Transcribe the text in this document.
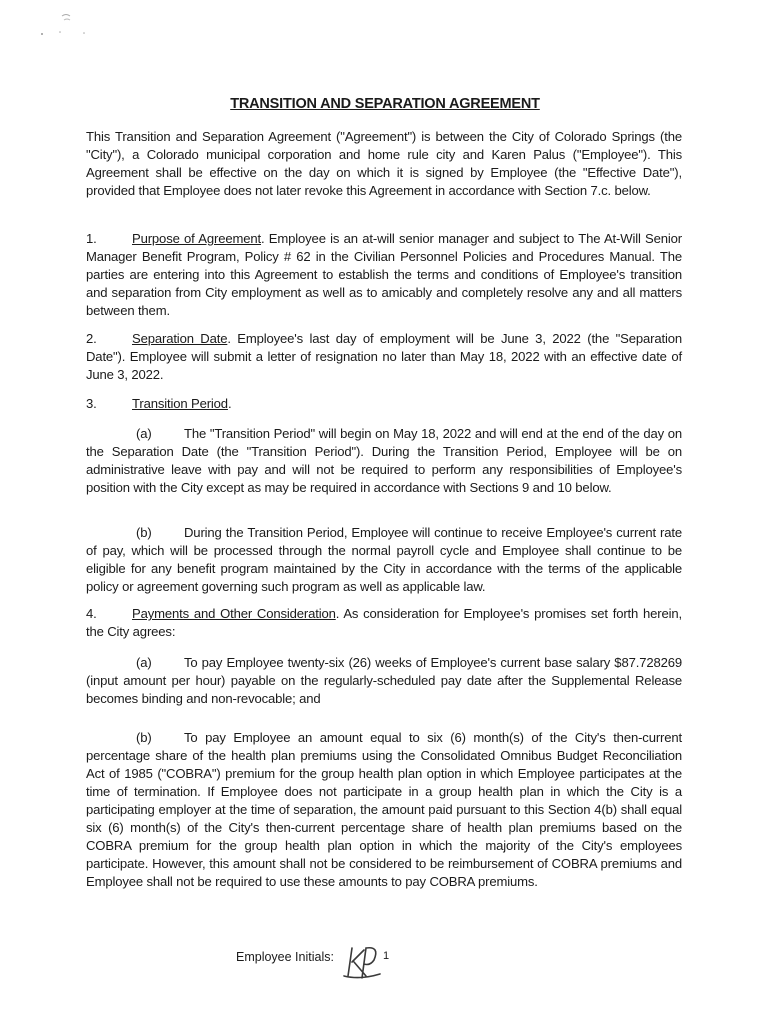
TRANSITION AND SEPARATION AGREEMENT

This Transition and Separation Agreement ("Agreement") is between the City of Colorado Springs (the "City"), a Colorado municipal corporation and home rule city and Karen Palus ("Employee"). This Agreement shall be effective on the day on which it is signed by Employee (the "Effective Date"), provided that Employee does not later revoke this Agreement in accordance with Section 7.c. below.

1.	Purpose of Agreement. Employee is an at-will senior manager and subject to The At-Will Senior Manager Benefit Program, Policy # 62 in the Civilian Personnel Policies and Procedures Manual. The parties are entering into this Agreement to establish the terms and conditions of Employee's transition and separation from City employment as well as to amicably and completely resolve any and all matters between them.

2.	Separation Date. Employee's last day of employment will be June 3, 2022 (the "Separation Date"). Employee will submit a letter of resignation no later than May 18, 2022 with an effective date of June 3, 2022.

3.	Transition Period.

(a) The "Transition Period" will begin on May 18, 2022 and will end at the end of the day on the Separation Date (the "Transition Period"). During the Transition Period, Employee will be on administrative leave with pay and will not be required to perform any responsibilities of Employee's position with the City except as may be required in accordance with Sections 9 and 10 below.

(b) During the Transition Period, Employee will continue to receive Employee's current rate of pay, which will be processed through the normal payroll cycle and Employee shall continue to be eligible for any benefit program maintained by the City in accordance with the terms of the applicable policy or agreement governing such program as well as applicable law.

4.	Payments and Other Consideration. As consideration for Employee's promises set forth herein, the City agrees:

(a) To pay Employee twenty-six (26) weeks of Employee's current base salary $87.728269 (input amount per hour) payable on the regularly-scheduled pay date after the Supplemental Release becomes binding and non-revocable; and

(b) To pay Employee an amount equal to six (6) month(s) of the City's then-current percentage share of the health plan premiums using the Consolidated Omnibus Budget Reconciliation Act of 1985 ("COBRA") premium for the group health plan option in which Employee participates at the time of termination. If Employee does not participate in a group health plan in which the City is a participating employer at the time of separation, the amount paid pursuant to this Section 4(b) shall equal six (6) month(s) of the City's then-current percentage share of health plan premiums based on the COBRA premium for the group health plan option in which the majority of the City's employees participate. However, this amount shall not be considered to be reimbursement of COBRA premiums and Employee shall not be required to use these amounts to pay COBRA premiums.

Employee Initials:	1
